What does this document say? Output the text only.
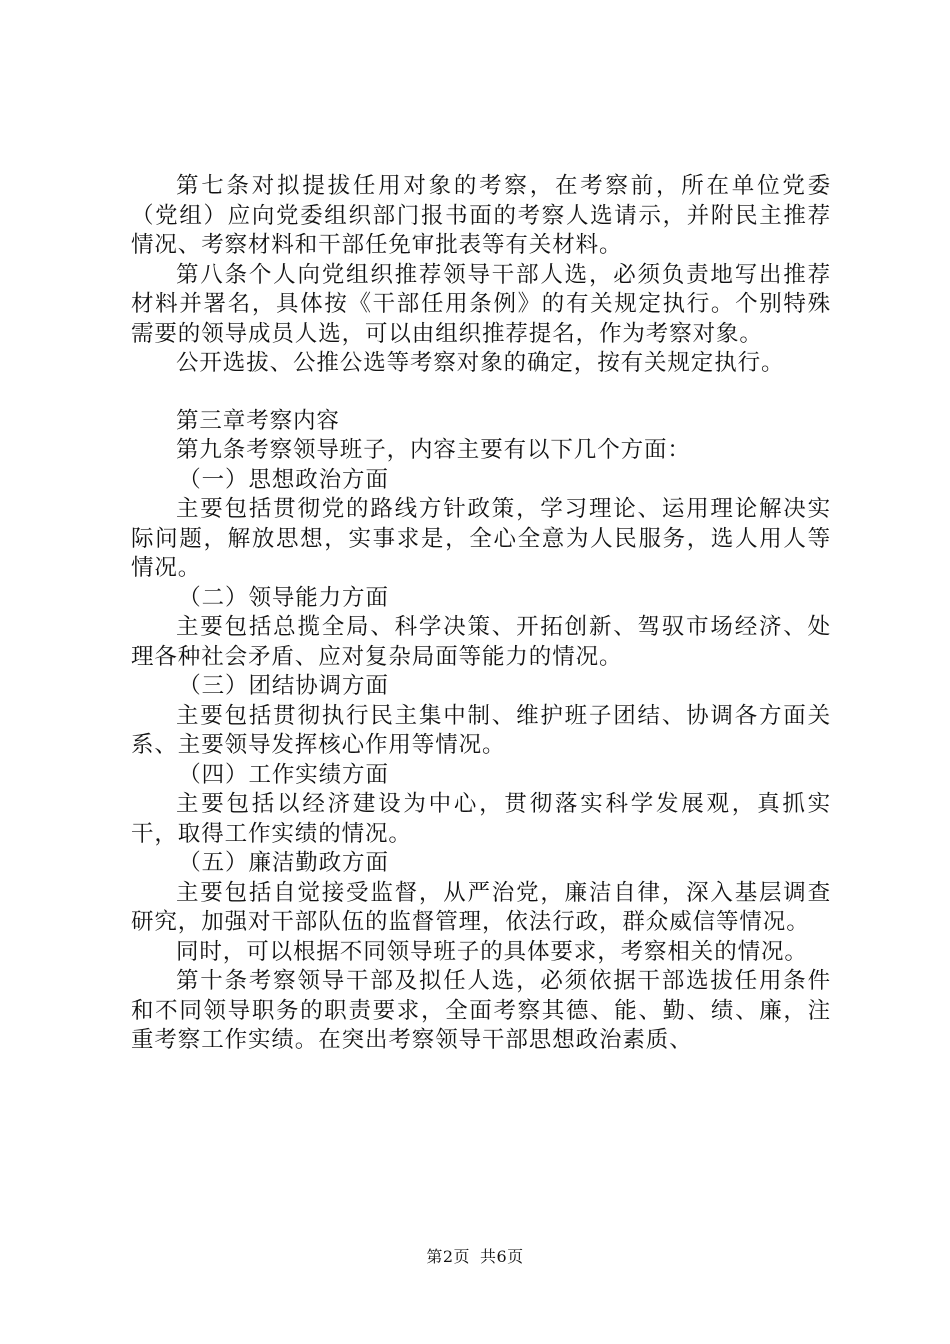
第七条对拟提拔任用对象的考察，在考察前，所在单位党委（党组）应向党委组织部门报书面的考察人选请示，并附民主推荐情况、考察材料和干部任免审批表等有关材料。

第八条个人向党组织推荐领导干部人选，必须负责地写出推荐材料并署名，具体按《干部任用条例》的有关规定执行。个别特殊需要的领导成员人选，可以由组织推荐提名，作为考察对象。

公开选拔、公推公选等考察对象的确定，按有关规定执行。

第三章考察内容

第九条考察领导班子，内容主要有以下几个方面：

（一）思想政治方面

主要包括贯彻党的路线方针政策，学习理论、运用理论解决实际问题，解放思想，实事求是，全心全意为人民服务，选人用人等情况。

（二）领导能力方面

主要包括总揽全局、科学决策、开拓创新、驾驭市场经济、处理各种社会矛盾、应对复杂局面等能力的情况。

（三）团结协调方面

主要包括贯彻执行民主集中制、维护班子团结、协调各方面关系、主要领导发挥核心作用等情况。

（四）工作实绩方面

主要包括以经济建设为中心，贯彻落实科学发展观，真抓实干，取得工作实绩的情况。

（五）廉洁勤政方面

主要包括自觉接受监督，从严治党，廉洁自律，深入基层调查研究，加强对干部队伍的监督管理，依法行政，群众威信等情况。

同时，可以根据不同领导班子的具体要求，考察相关的情况。

第十条考察领导干部及拟任人选，必须依据干部选拔任用条件和不同领导职务的职责要求，全面考察其德、能、勤、绩、廉，注重考察工作实绩。在突出考察领导干部思想政治素质、

第2页 共6页
